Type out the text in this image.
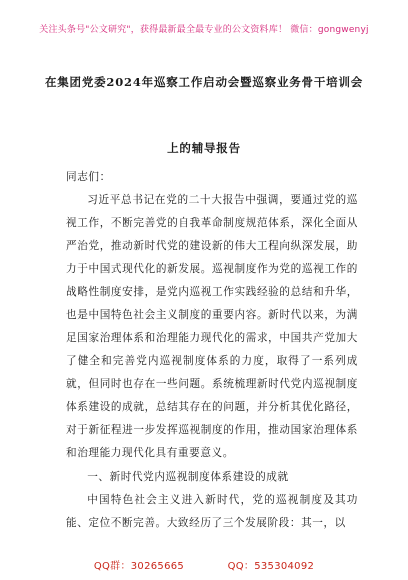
关注头条号"公文研究"，获得最新最全最专业的公文资料库！ 微信：gongwenyj
在集团党委2024年巡察工作启动会暨巡察业务骨干培训会
上的辅导报告
同志们：
习近平总书记在党的二十大报告中强调，要通过党的巡视工作，不断完善党的自我革命制度规范体系，深化全面从严治党，推动新时代党的建设新的伟大工程向纵深发展，助力于中国式现代化的新发展。巡视制度作为党的巡视工作的战略性制度安排，是党内巡视工作实践经验的总结和升华，也是中国特色社会主义制度的重要内容。新时代以来，为满足国家治理体系和治理能力现代化的需求，中国共产党加大了健全和完善党内巡视制度体系的力度，取得了一系列成就，但同时也存在一些问题。系统梳理新时代党内巡视制度体系建设的成就，总结其存在的问题，并分析其优化路径，对于新征程进一步发挥巡视制度的作用，推动国家治理体系和治理能力现代化具有重要意义。
一、新时代党内巡视制度体系建设的成就
中国特色社会主义进入新时代，党的巡视制度及其功能、定位不断完善。大致经历了三个发展阶段：其一，以
QQ群：30265665	QQ：535304092
